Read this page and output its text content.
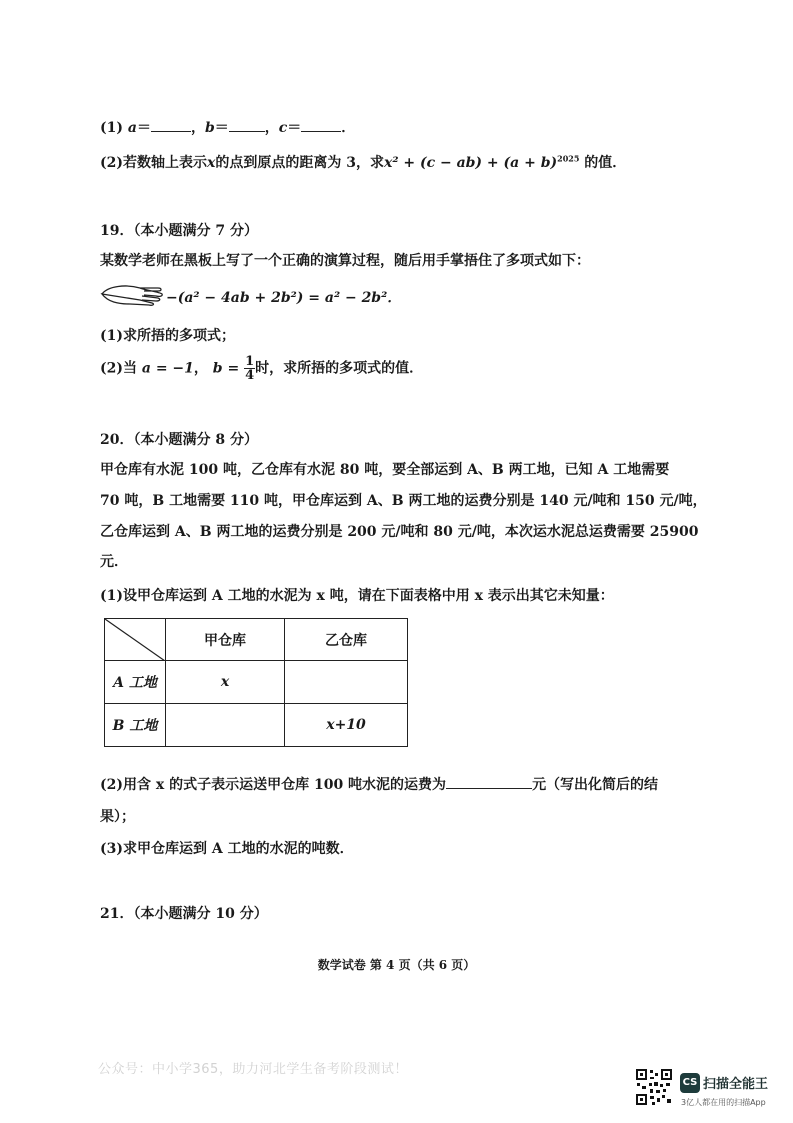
(1) a＝	，b＝	，c＝	．
(2)若数轴上表示x的点到原点的距离为 3，求$x^2 + (c - ab) + (a + b)^{2025}$ 的值．
19．（本小题满分 7 分）
某数学老师在黑板上写了一个正确的演算过程，随后用手掌捂住了多项式如下：
−(a² − 4ab + 2b²) = a² − 2b²．
(1)求所捂的多项式；
(2)当 a = −1， $b = \frac{1}{4}$ 时，求所捂的多项式的值．
20．（本小题满分 8 分）
甲仓库有水泥 100 吨，乙仓库有水泥 80 吨，要全部运到 A、B 两工地，已知 A 工地需要
70 吨，B 工地需要 110 吨，甲仓库运到 A、B 两工地的运费分别是 140 元/吨和 150 元/吨，
乙仓库运到 A、B 两工地的运费分别是 200 元/吨和 80 元/吨，本次运水泥总运费需要 25900
元．
(1)设甲仓库运到 A 工地的水泥为 x 吨，请在下面表格中用 x 表示出其它未知量：
	甲仓库	乙仓库
A 工地	x	
B 工地		x+10
(2)用含 x 的式子表示运送甲仓库 100 吨水泥的运费为	元（写出化简后的结
果）；
(3)求甲仓库运到 A 工地的水泥的吨数．
21．（本小题满分 10 分）
数学试卷 第 4 页（共 6 页）
公众号：中小学365，助力河北学生备考阶段测试！
CS 扫描全能王
3亿人都在用的扫描App
